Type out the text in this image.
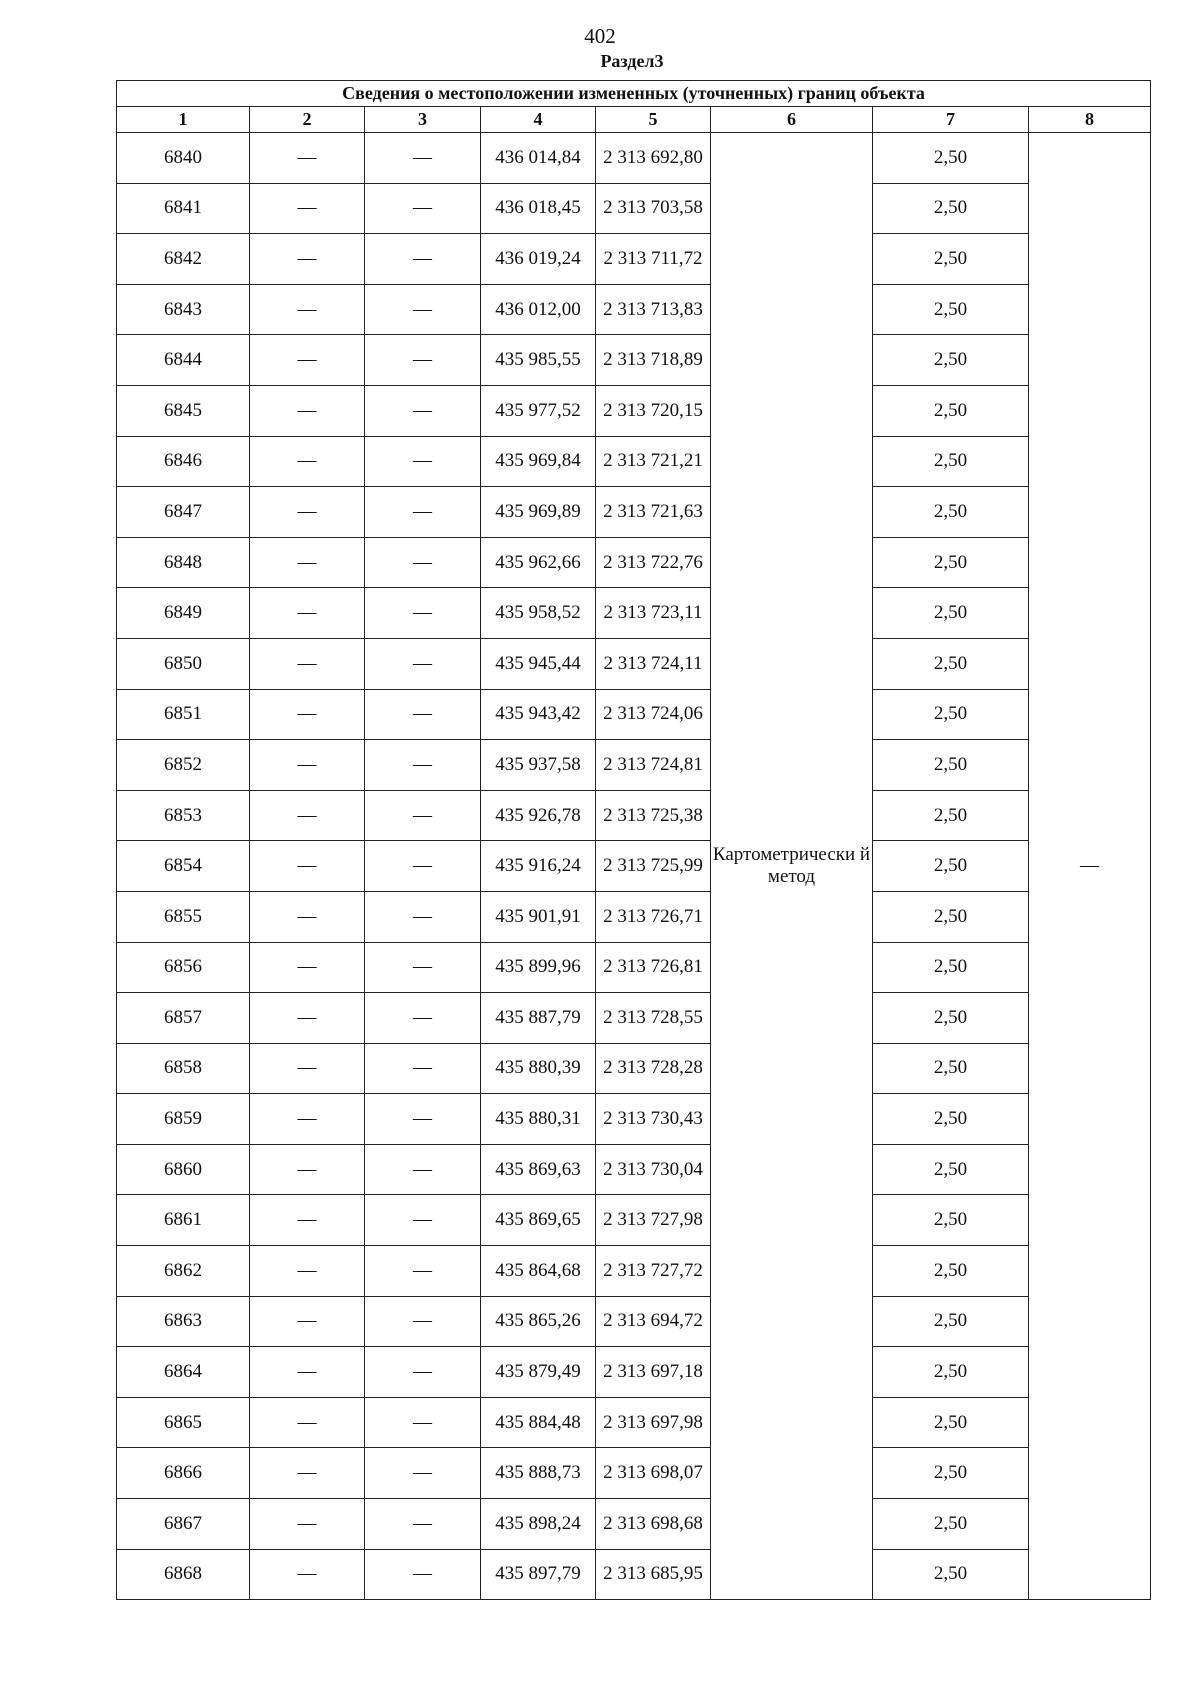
402
Раздел3
Сведения о местоположении измененных (уточненных) границ объекта							
1	2	3	4	5	6	7	8
6840	—	—	436 014,84	2 313 692,80	Картометрически й метод	2,50	—
6841	—	—	436 018,45	2 313 703,58		2,50	
6842	—	—	436 019,24	2 313 711,72		2,50	
6843	—	—	436 012,00	2 313 713,83		2,50	
6844	—	—	435 985,55	2 313 718,89		2,50	
6845	—	—	435 977,52	2 313 720,15		2,50	
6846	—	—	435 969,84	2 313 721,21		2,50	
6847	—	—	435 969,89	2 313 721,63		2,50	
6848	—	—	435 962,66	2 313 722,76		2,50	
6849	—	—	435 958,52	2 313 723,11		2,50	
6850	—	—	435 945,44	2 313 724,11		2,50	
6851	—	—	435 943,42	2 313 724,06		2,50	
6852	—	—	435 937,58	2 313 724,81		2,50	
6853	—	—	435 926,78	2 313 725,38		2,50	
6854	—	—	435 916,24	2 313 725,99		2,50	
6855	—	—	435 901,91	2 313 726,71		2,50	
6856	—	—	435 899,96	2 313 726,81		2,50	
6857	—	—	435 887,79	2 313 728,55		2,50	
6858	—	—	435 880,39	2 313 728,28		2,50	
6859	—	—	435 880,31	2 313 730,43		2,50	
6860	—	—	435 869,63	2 313 730,04		2,50	
6861	—	—	435 869,65	2 313 727,98		2,50	
6862	—	—	435 864,68	2 313 727,72		2,50	
6863	—	—	435 865,26	2 313 694,72		2,50	
6864	—	—	435 879,49	2 313 697,18		2,50	
6865	—	—	435 884,48	2 313 697,98		2,50	
6866	—	—	435 888,73	2 313 698,07		2,50	
6867	—	—	435 898,24	2 313 698,68		2,50	
6868	—	—	435 897,79	2 313 685,95		2,50	
